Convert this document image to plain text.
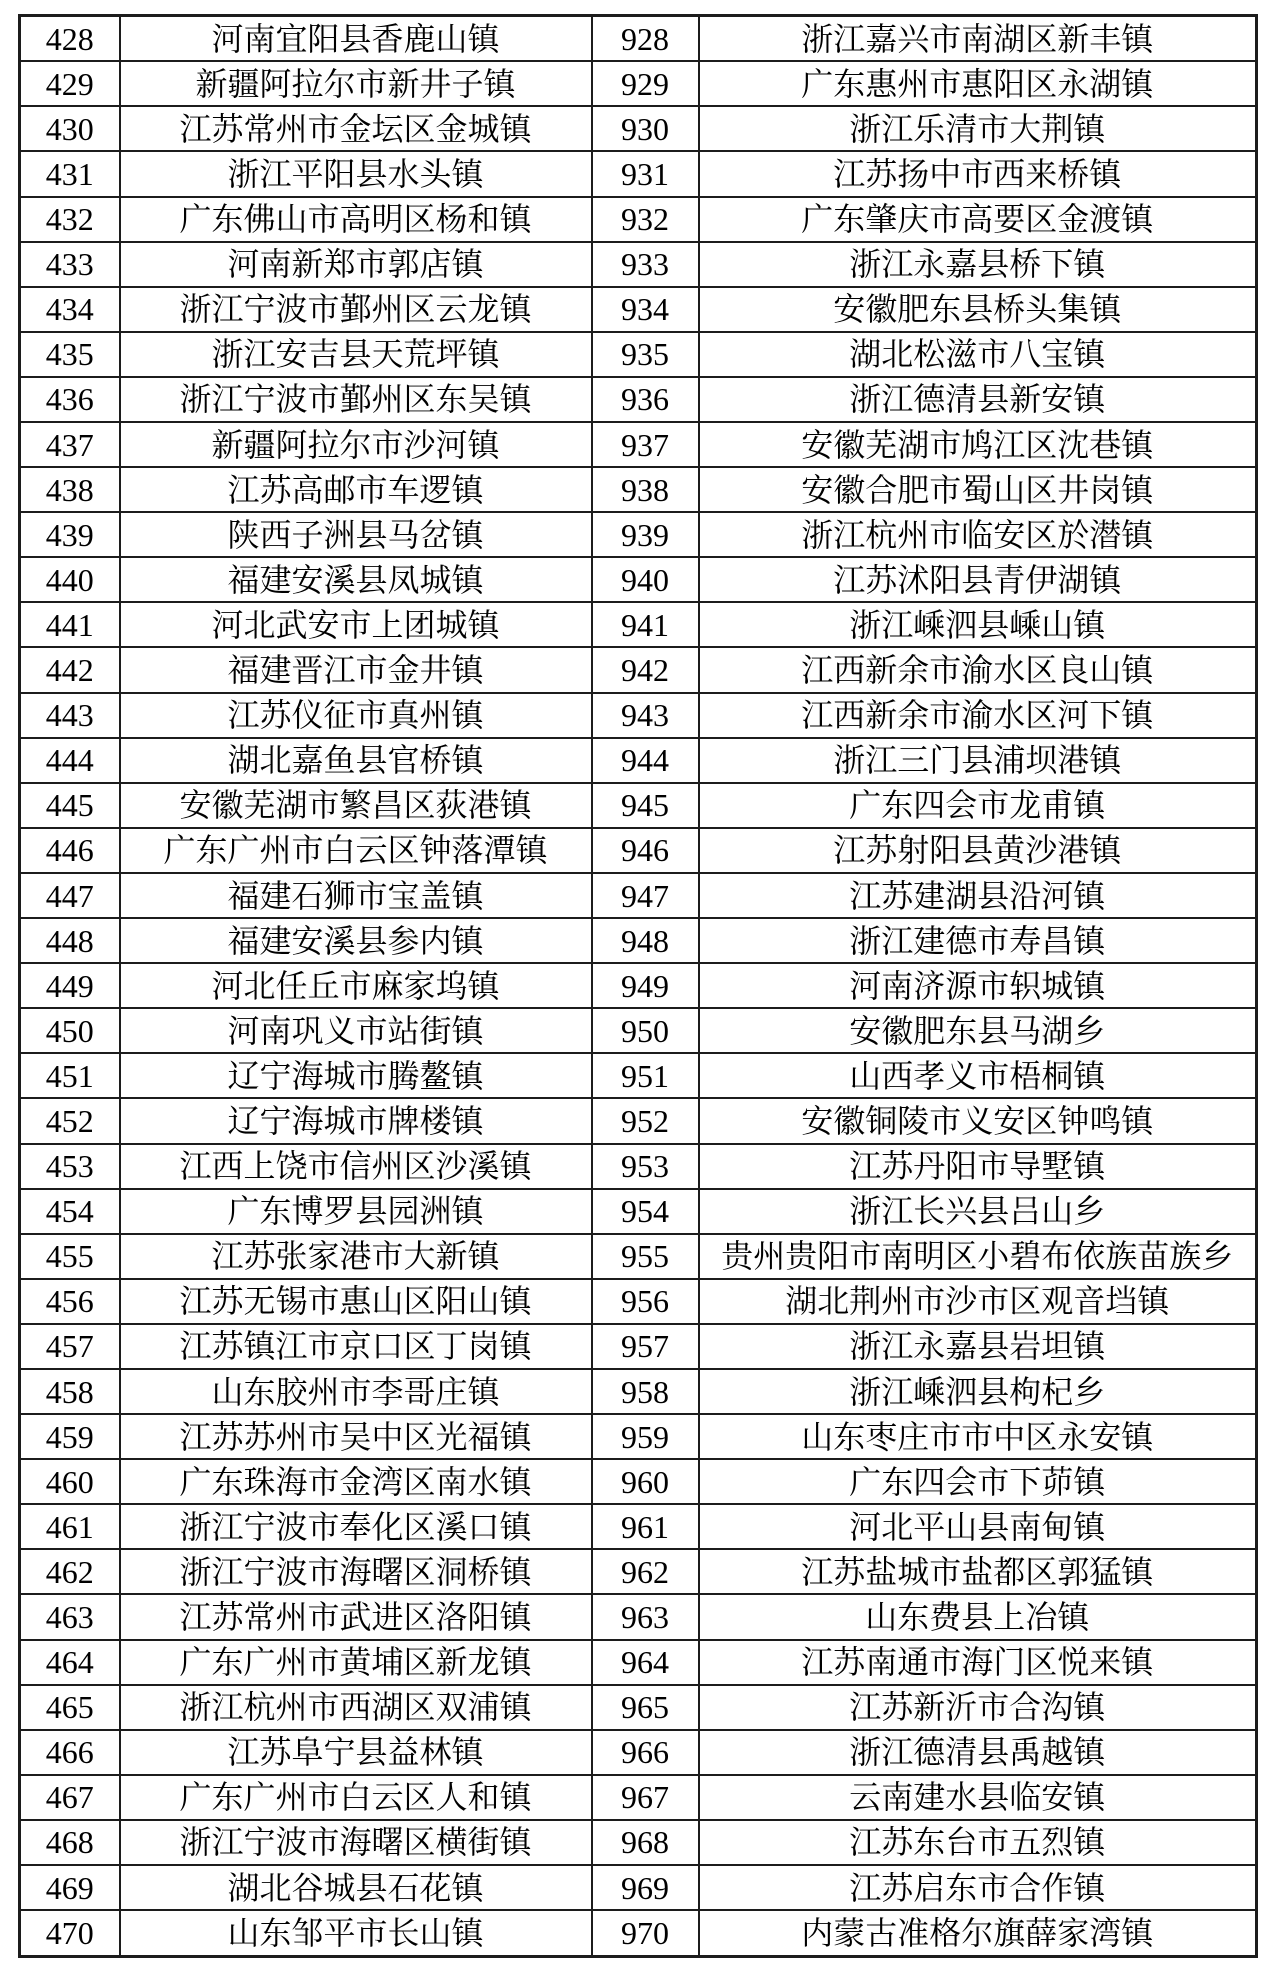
428	河南宜阳县香鹿山镇	928	浙江嘉兴市南湖区新丰镇
429	新疆阿拉尔市新井子镇	929	广东惠州市惠阳区永湖镇
430	江苏常州市金坛区金城镇	930	浙江乐清市大荆镇
431	浙江平阳县水头镇	931	江苏扬中市西来桥镇
432	广东佛山市高明区杨和镇	932	广东肇庆市高要区金渡镇
433	河南新郑市郭店镇	933	浙江永嘉县桥下镇
434	浙江宁波市鄞州区云龙镇	934	安徽肥东县桥头集镇
435	浙江安吉县天荒坪镇	935	湖北松滋市八宝镇
436	浙江宁波市鄞州区东吴镇	936	浙江德清县新安镇
437	新疆阿拉尔市沙河镇	937	安徽芜湖市鸠江区沈巷镇
438	江苏高邮市车逻镇	938	安徽合肥市蜀山区井岗镇
439	陕西子洲县马岔镇	939	浙江杭州市临安区於潜镇
440	福建安溪县凤城镇	940	江苏沭阳县青伊湖镇
441	河北武安市上团城镇	941	浙江嵊泗县嵊山镇
442	福建晋江市金井镇	942	江西新余市渝水区良山镇
443	江苏仪征市真州镇	943	江西新余市渝水区河下镇
444	湖北嘉鱼县官桥镇	944	浙江三门县浦坝港镇
445	安徽芜湖市繁昌区荻港镇	945	广东四会市龙甫镇
446	广东广州市白云区钟落潭镇	946	江苏射阳县黄沙港镇
447	福建石狮市宝盖镇	947	江苏建湖县沿河镇
448	福建安溪县参内镇	948	浙江建德市寿昌镇
449	河北任丘市麻家坞镇	949	河南济源市轵城镇
450	河南巩义市站街镇	950	安徽肥东县马湖乡
451	辽宁海城市腾鳌镇	951	山西孝义市梧桐镇
452	辽宁海城市牌楼镇	952	安徽铜陵市义安区钟鸣镇
453	江西上饶市信州区沙溪镇	953	江苏丹阳市导墅镇
454	广东博罗县园洲镇	954	浙江长兴县吕山乡
455	江苏张家港市大新镇	955	贵州贵阳市南明区小碧布依族苗族乡
456	江苏无锡市惠山区阳山镇	956	湖北荆州市沙市区观音垱镇
457	江苏镇江市京口区丁岗镇	957	浙江永嘉县岩坦镇
458	山东胶州市李哥庄镇	958	浙江嵊泗县枸杞乡
459	江苏苏州市吴中区光福镇	959	山东枣庄市市中区永安镇
460	广东珠海市金湾区南水镇	960	广东四会市下茆镇
461	浙江宁波市奉化区溪口镇	961	河北平山县南甸镇
462	浙江宁波市海曙区洞桥镇	962	江苏盐城市盐都区郭猛镇
463	江苏常州市武进区洛阳镇	963	山东费县上冶镇
464	广东广州市黄埔区新龙镇	964	江苏南通市海门区悦来镇
465	浙江杭州市西湖区双浦镇	965	江苏新沂市合沟镇
466	江苏阜宁县益林镇	966	浙江德清县禹越镇
467	广东广州市白云区人和镇	967	云南建水县临安镇
468	浙江宁波市海曙区横街镇	968	江苏东台市五烈镇
469	湖北谷城县石花镇	969	江苏启东市合作镇
470	山东邹平市长山镇	970	内蒙古准格尔旗薛家湾镇
